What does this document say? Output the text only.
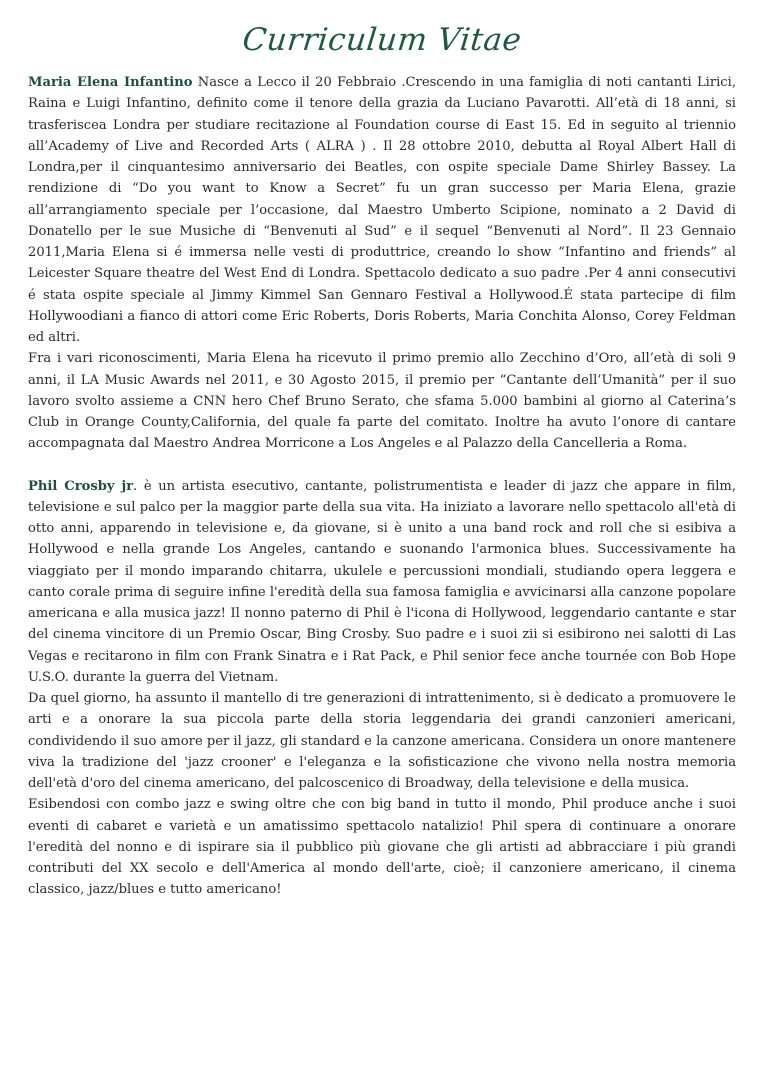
Curriculum Vitae

Maria Elena Infantino Nasce a Lecco il 20 Febbraio .Crescendo in una famiglia di noti cantanti Lirici, Raina e Luigi Infantino, definito come il tenore della grazia da Luciano Pavarotti. All’età di 18 anni, si trasferiscea Londra per studiare recitazione al Foundation course di East 15. Ed in seguito al triennio all’Academy of Live and Recorded Arts ( ALRA ) . Il 28 ottobre 2010, debutta al Royal Albert Hall di Londra,per il cinquantesimo anniversario dei Beatles, con ospite speciale Dame Shirley Bassey. La rendizione di “Do you want to Know a Secret” fu un gran successo per Maria Elena, grazie all’arrangiamento speciale per l’occasione, dal Maestro Umberto Scipione, nominato a 2 David di Donatello per le sue Musiche di “Benvenuti al Sud” e il sequel “Benvenuti al Nord”. Il 23 Gennaio 2011,Maria Elena si é immersa nelle vesti di produttrice, creando lo show “Infantino and friends” al Leicester Square theatre del West End di Londra. Spettacolo dedicato a suo padre .Per 4 anni consecutivi é stata ospite speciale al Jimmy Kimmel San Gennaro Festival a Hollywood.É stata partecipe di film Hollywoodiani a fianco di attori come Eric Roberts, Doris Roberts, Maria Conchita Alonso, Corey Feldman ed altri.

Fra i vari riconoscimenti, Maria Elena ha ricevuto il primo premio allo Zecchino d’Oro, all’età di soli 9 anni, il LA Music Awards nel 2011, e 30 Agosto 2015, il premio per “Cantante dell’Umanità” per il suo lavoro svolto assieme a CNN hero Chef Bruno Serato, che sfama 5.000 bambini al giorno al Caterina’s Club in Orange County,California, del quale fa parte del comitato. Inoltre ha avuto l’onore di cantare accompagnata dal Maestro Andrea Morricone a Los Angeles e al Palazzo della Cancelleria a Roma.

Phil Crosby jr. è un artista esecutivo, cantante, polistrumentista e leader di jazz che appare in film, televisione e sul palco per la maggior parte della sua vita. Ha iniziato a lavorare nello spettacolo all'età di otto anni, apparendo in televisione e, da giovane, si è unito a una band rock and roll che si esibiva a Hollywood e nella grande Los Angeles, cantando e suonando l'armonica blues. Successivamente ha viaggiato per il mondo imparando chitarra, ukulele e percussioni mondiali, studiando opera leggera e canto corale prima di seguire infine l'eredità della sua famosa famiglia e avvicinarsi alla canzone popolare americana e alla musica jazz! Il nonno paterno di Phil è l'icona di Hollywood, leggendario cantante e star del cinema vincitore di un Premio Oscar, Bing Crosby. Suo padre e i suoi zii si esibirono nei salotti di Las Vegas e recitarono in film con Frank Sinatra e i Rat Pack, e Phil senior fece anche tournée con Bob Hope U.S.O. durante la guerra del Vietnam.

Da quel giorno, ha assunto il mantello di tre generazioni di intrattenimento, si è dedicato a promuovere le arti e a onorare la sua piccola parte della storia leggendaria dei grandi canzonieri americani, condividendo il suo amore per il jazz, gli standard e la canzone americana. Considera un onore mantenere viva la tradizione del 'jazz crooner' e l'eleganza e la sofisticazione che vivono nella nostra memoria dell'età d'oro del cinema americano, del palcoscenico di Broadway, della televisione e della musica.

Esibendosi con combo jazz e swing oltre che con big band in tutto il mondo, Phil produce anche i suoi eventi di cabaret e varietà e un amatissimo spettacolo natalizio! Phil spera di continuare a onorare l'eredità del nonno e di ispirare sia il pubblico più giovane che gli artisti ad abbracciare i più grandi contributi del XX secolo e dell'America al mondo dell'arte, cioè; il canzoniere americano, il cinema classico, jazz/blues e tutto americano!
